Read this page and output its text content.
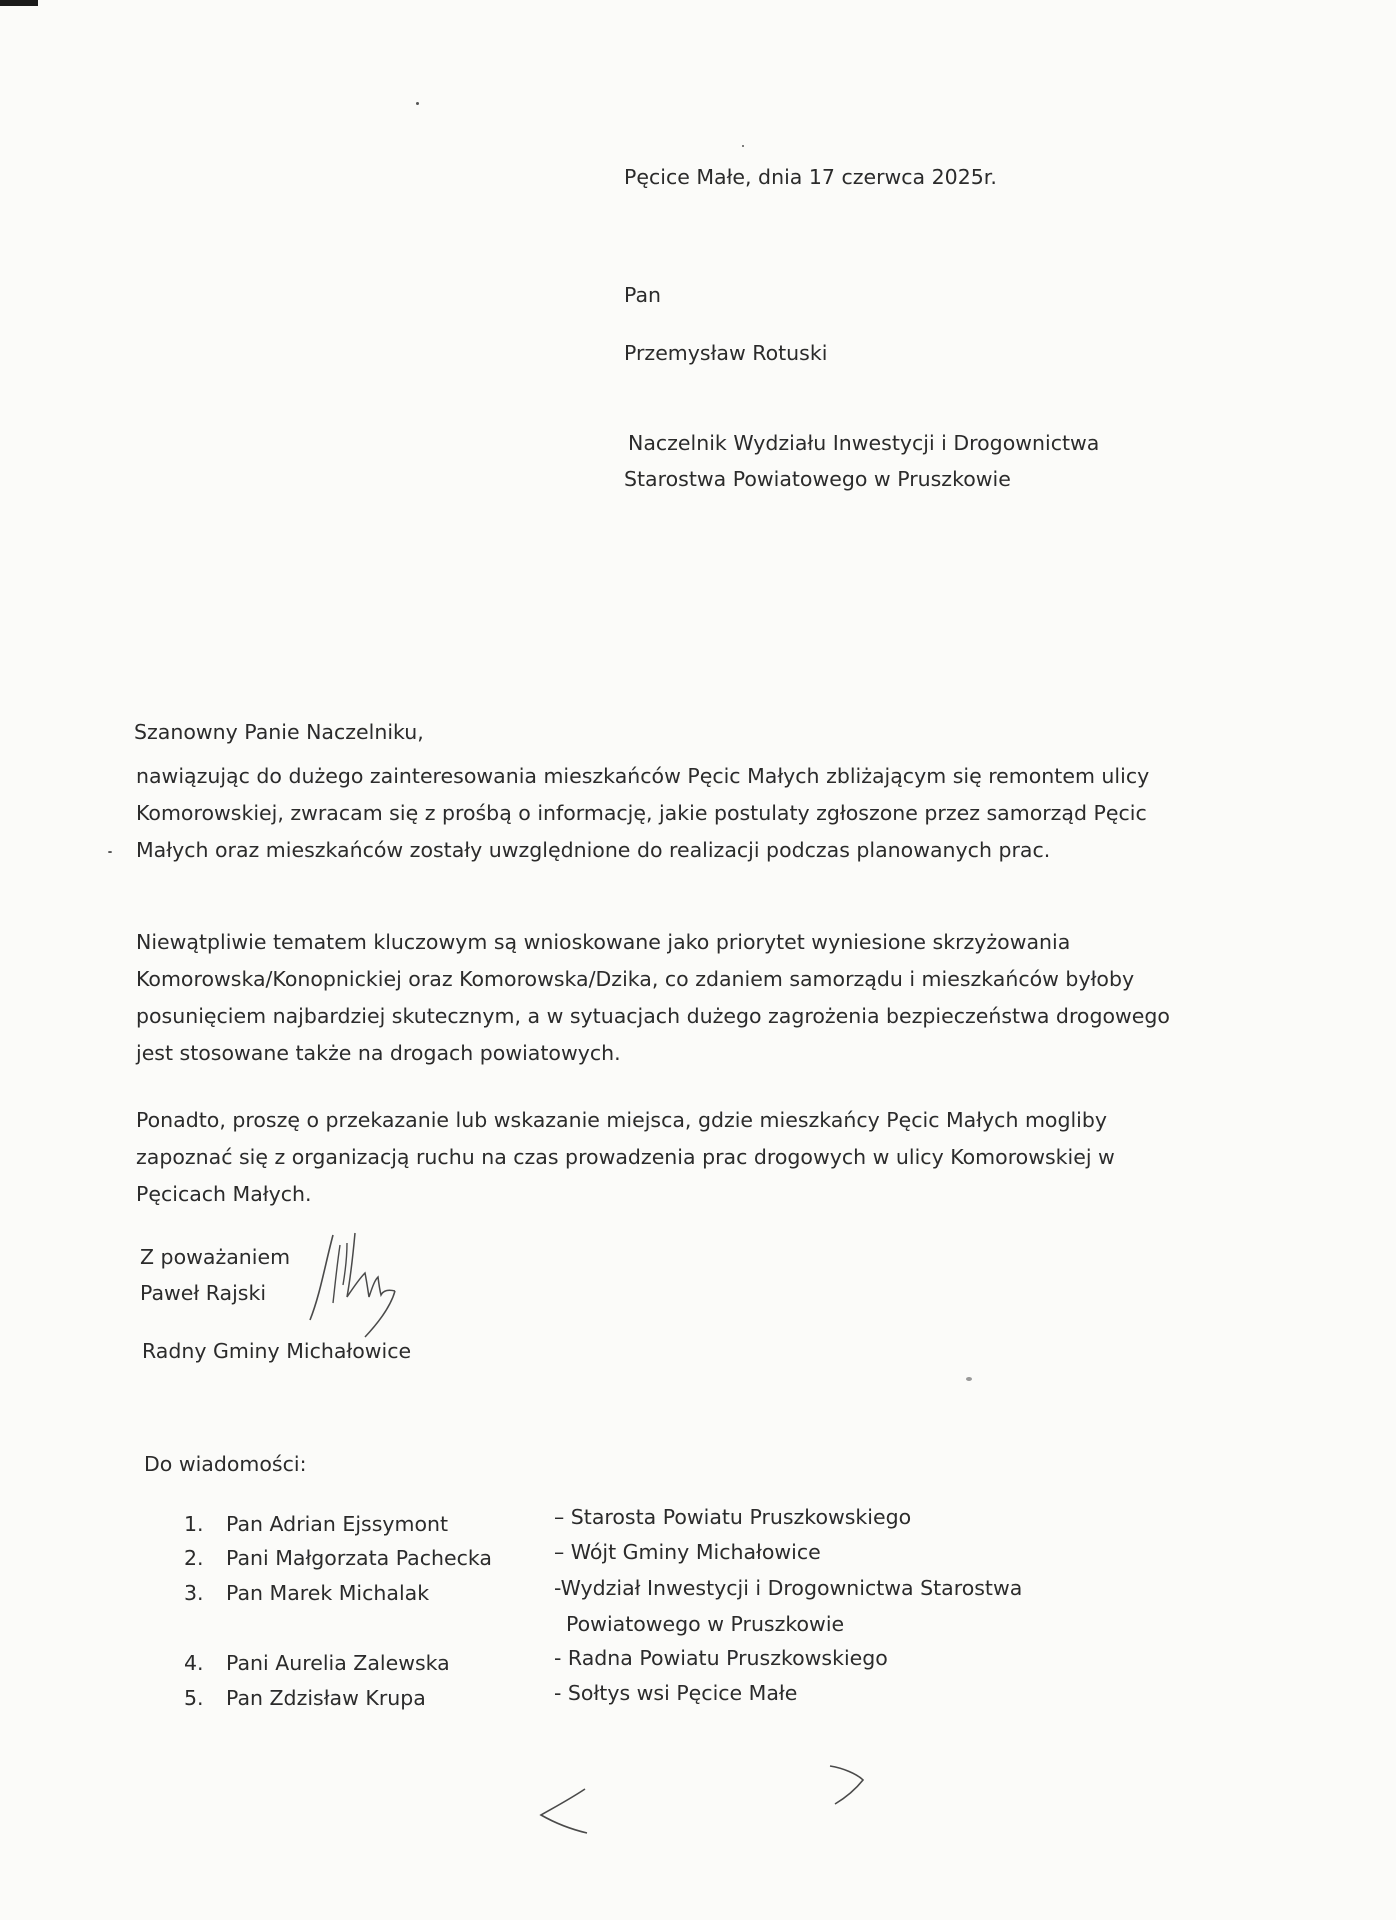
Pęcice Małe, dnia 17 czerwca 2025r.
Pan
Przemysław Rotuski
Naczelnik Wydziału Inwestycji i Drogownictwa
Starostwa Powiatowego w Pruszkowie
Szanowny Panie Naczelniku,
nawiązując do dużego zainteresowania mieszkańców Pęcic Małych zbliżającym się remontem ulicy
Komorowskiej, zwracam się z prośbą o informację, jakie postulaty zgłoszone przez samorząd Pęcic
Małych oraz mieszkańców zostały uwzględnione do realizacji podczas planowanych prac.
Niewątpliwie tematem kluczowym są wnioskowane jako priorytet wyniesione skrzyżowania
Komorowska/Konopnickiej oraz Komorowska/Dzika, co zdaniem samorządu i mieszkańców byłoby
posunięciem najbardziej skutecznym, a w sytuacjach dużego zagrożenia bezpieczeństwa drogowego
jest stosowane także na drogach powiatowych.
Ponadto, proszę o przekazanie lub wskazanie miejsca, gdzie mieszkańcy Pęcic Małych mogliby
zapoznać się z organizacją ruchu na czas prowadzenia prac drogowych w ulicy Komorowskiej w
Pęcicach Małych.
Z poważaniem
Paweł Rajski
Radny Gminy Michałowice
Do wiadomości:
1. Pan Adrian Ejssymont	– Starosta Powiatu Pruszkowskiego
2. Pani Małgorzata Pachecka	– Wójt Gminy Michałowice
3. Pan Marek Michalak	-Wydział Inwestycji i Drogownictwa Starostwa
Powiatowego w Pruszkowie
4. Pani Aurelia Zalewska	- Radna Powiatu Pruszkowskiego
5. Pan Zdzisław Krupa	- Sołtys wsi Pęcice Małe
